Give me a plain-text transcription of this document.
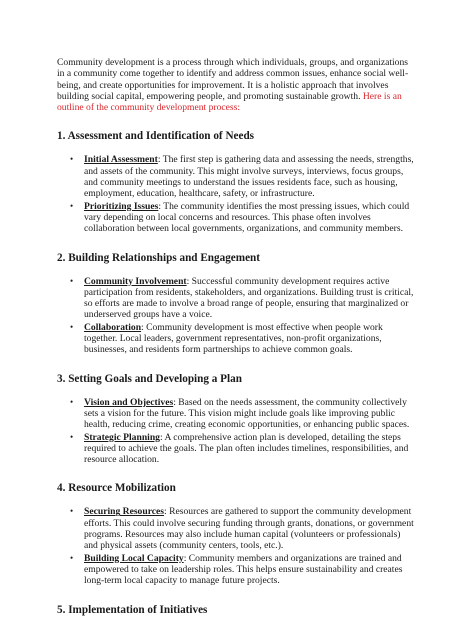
Community development is a process through which individuals, groups, and organizations in a community come together to identify and address common issues, enhance social well-being, and create opportunities for improvement. It is a holistic approach that involves building social capital, empowering people, and promoting sustainable growth. Here is an outline of the community development process:

1. Assessment and Identification of Needs
• Initial Assessment: The first step is gathering data and assessing the needs, strengths, and assets of the community. This might involve surveys, interviews, focus groups, and community meetings to understand the issues residents face, such as housing, employment, education, healthcare, safety, or infrastructure.
• Prioritizing Issues: The community identifies the most pressing issues, which could vary depending on local concerns and resources. This phase often involves collaboration between local governments, organizations, and community members.
2. Building Relationships and Engagement
• Community Involvement: Successful community development requires active participation from residents, stakeholders, and organizations. Building trust is critical, so efforts are made to involve a broad range of people, ensuring that marginalized or underserved groups have a voice.
• Collaboration: Community development is most effective when people work together. Local leaders, government representatives, non-profit organizations, businesses, and residents form partnerships to achieve common goals.
3. Setting Goals and Developing a Plan
• Vision and Objectives: Based on the needs assessment, the community collectively sets a vision for the future. This vision might include goals like improving public health, reducing crime, creating economic opportunities, or enhancing public spaces.
• Strategic Planning: A comprehensive action plan is developed, detailing the steps required to achieve the goals. The plan often includes timelines, responsibilities, and resource allocation.
4. Resource Mobilization
• Securing Resources: Resources are gathered to support the community development efforts. This could involve securing funding through grants, donations, or government programs. Resources may also include human capital (volunteers or professionals) and physical assets (community centers, tools, etc.).
• Building Local Capacity: Community members and organizations are trained and empowered to take on leadership roles. This helps ensure sustainability and creates long-term local capacity to manage future projects.
5. Implementation of Initiatives
